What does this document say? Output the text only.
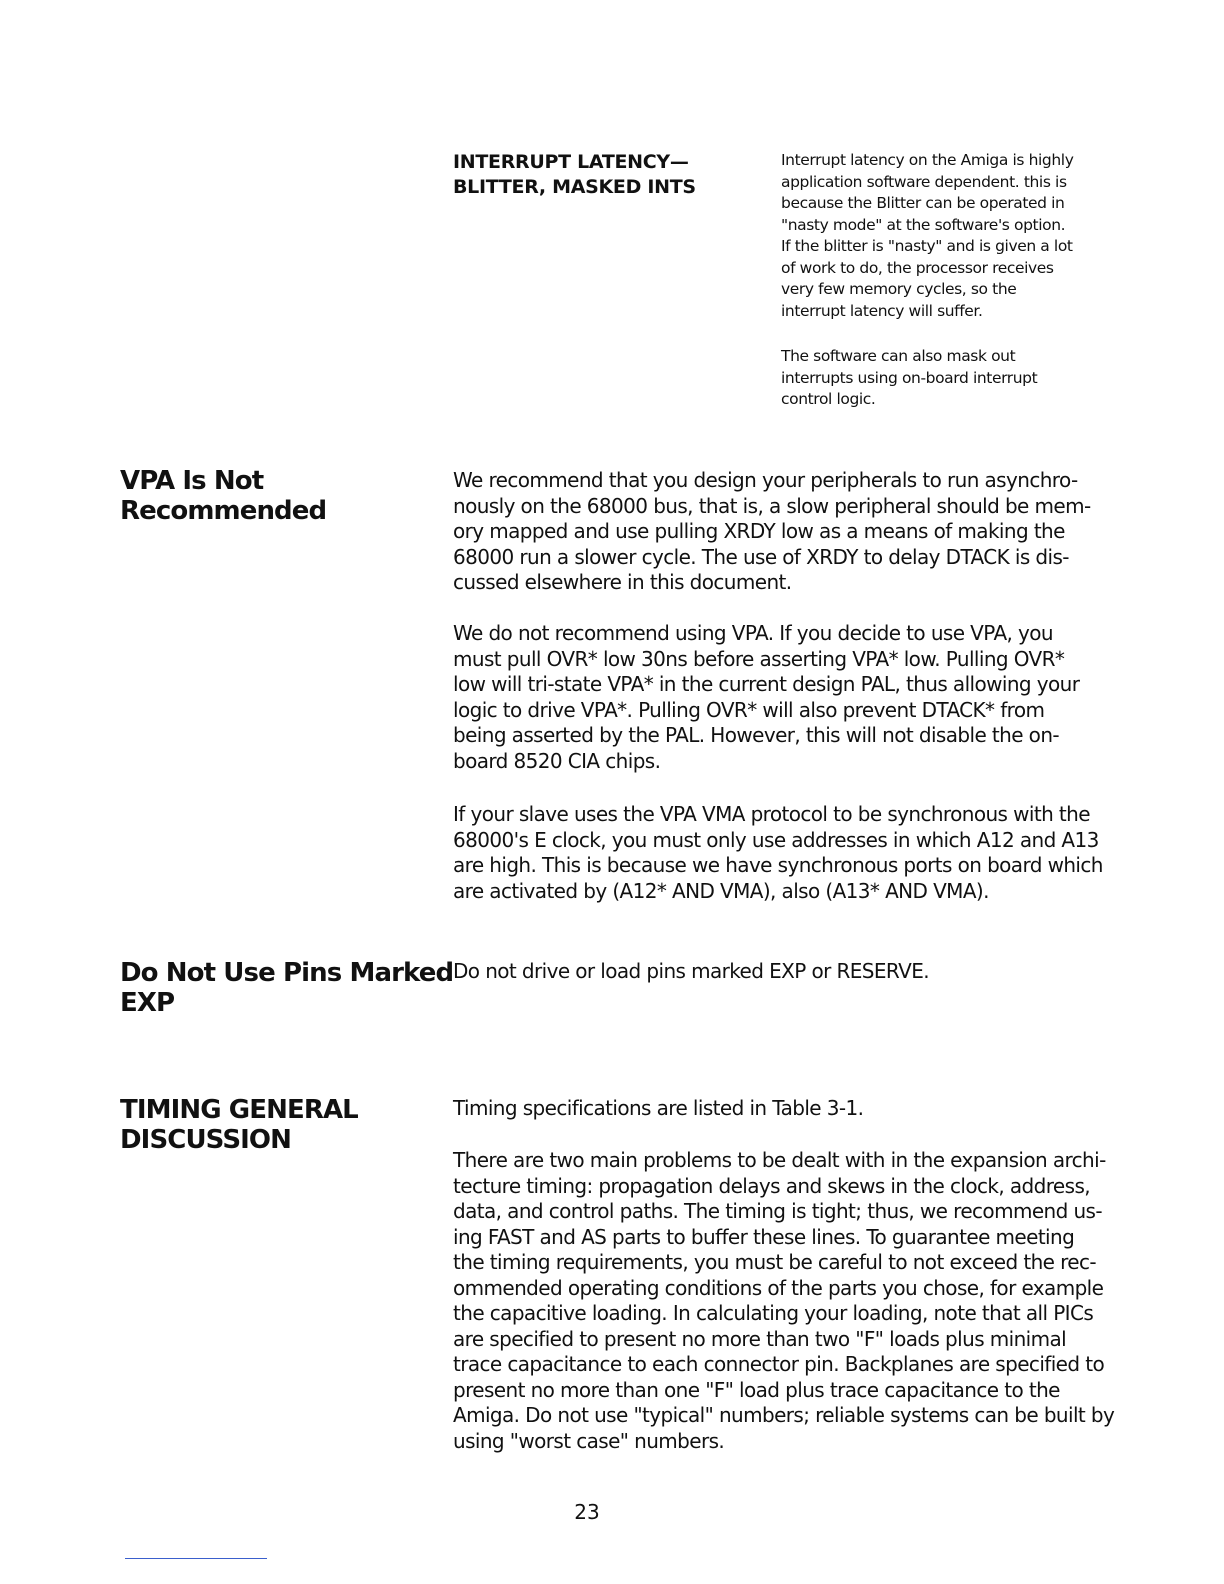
INTERRUPT LATENCY—
BLITTER, MASKED INTS
Interrupt latency on the Amiga is highly
application software dependent. this is
because the Blitter can be operated in
"nasty mode" at the software's option.
If the blitter is "nasty" and is given a lot
of work to do, the processor receives
very few memory cycles, so the
interrupt latency will suffer.
The software can also mask out
interrupts using on-board interrupt
control logic.
VPA Is Not
Recommended
We recommend that you design your peripherals to run asynchro-
nously on the 68000 bus, that is, a slow peripheral should be mem-
ory mapped and use pulling XRDY low as a means of making the
68000 run a slower cycle. The use of XRDY to delay DTACK is dis-
cussed elsewhere in this document.
We do not recommend using VPA. If you decide to use VPA, you
must pull OVR* low 30ns before asserting VPA* low. Pulling OVR*
low will tri-state VPA* in the current design PAL, thus allowing your
logic to drive VPA*. Pulling OVR* will also prevent DTACK* from
being asserted by the PAL. However, this will not disable the on-
board 8520 CIA chips.
If your slave uses the VPA VMA protocol to be synchronous with the
68000's E clock, you must only use addresses in which A12 and A13
are high. This is because we have synchronous ports on board which
are activated by (A12* AND VMA), also (A13* AND VMA).
Do Not Use Pins Marked
EXP
Do not drive or load pins marked EXP or RESERVE.
TIMING GENERAL
DISCUSSION
Timing specifications are listed in Table 3-1.
There are two main problems to be dealt with in the expansion archi-
tecture timing: propagation delays and skews in the clock, address,
data, and control paths. The timing is tight; thus, we recommend us-
ing FAST and AS parts to buffer these lines. To guarantee meeting
the timing requirements, you must be careful to not exceed the rec-
ommended operating conditions of the parts you chose, for example
the capacitive loading. In calculating your loading, note that all PICs
are specified to present no more than two "F" loads plus minimal
trace capacitance to each connector pin. Backplanes are specified to
present no more than one "F" load plus trace capacitance to the
Amiga. Do not use "typical" numbers; reliable systems can be built by
using "worst case" numbers.
23
